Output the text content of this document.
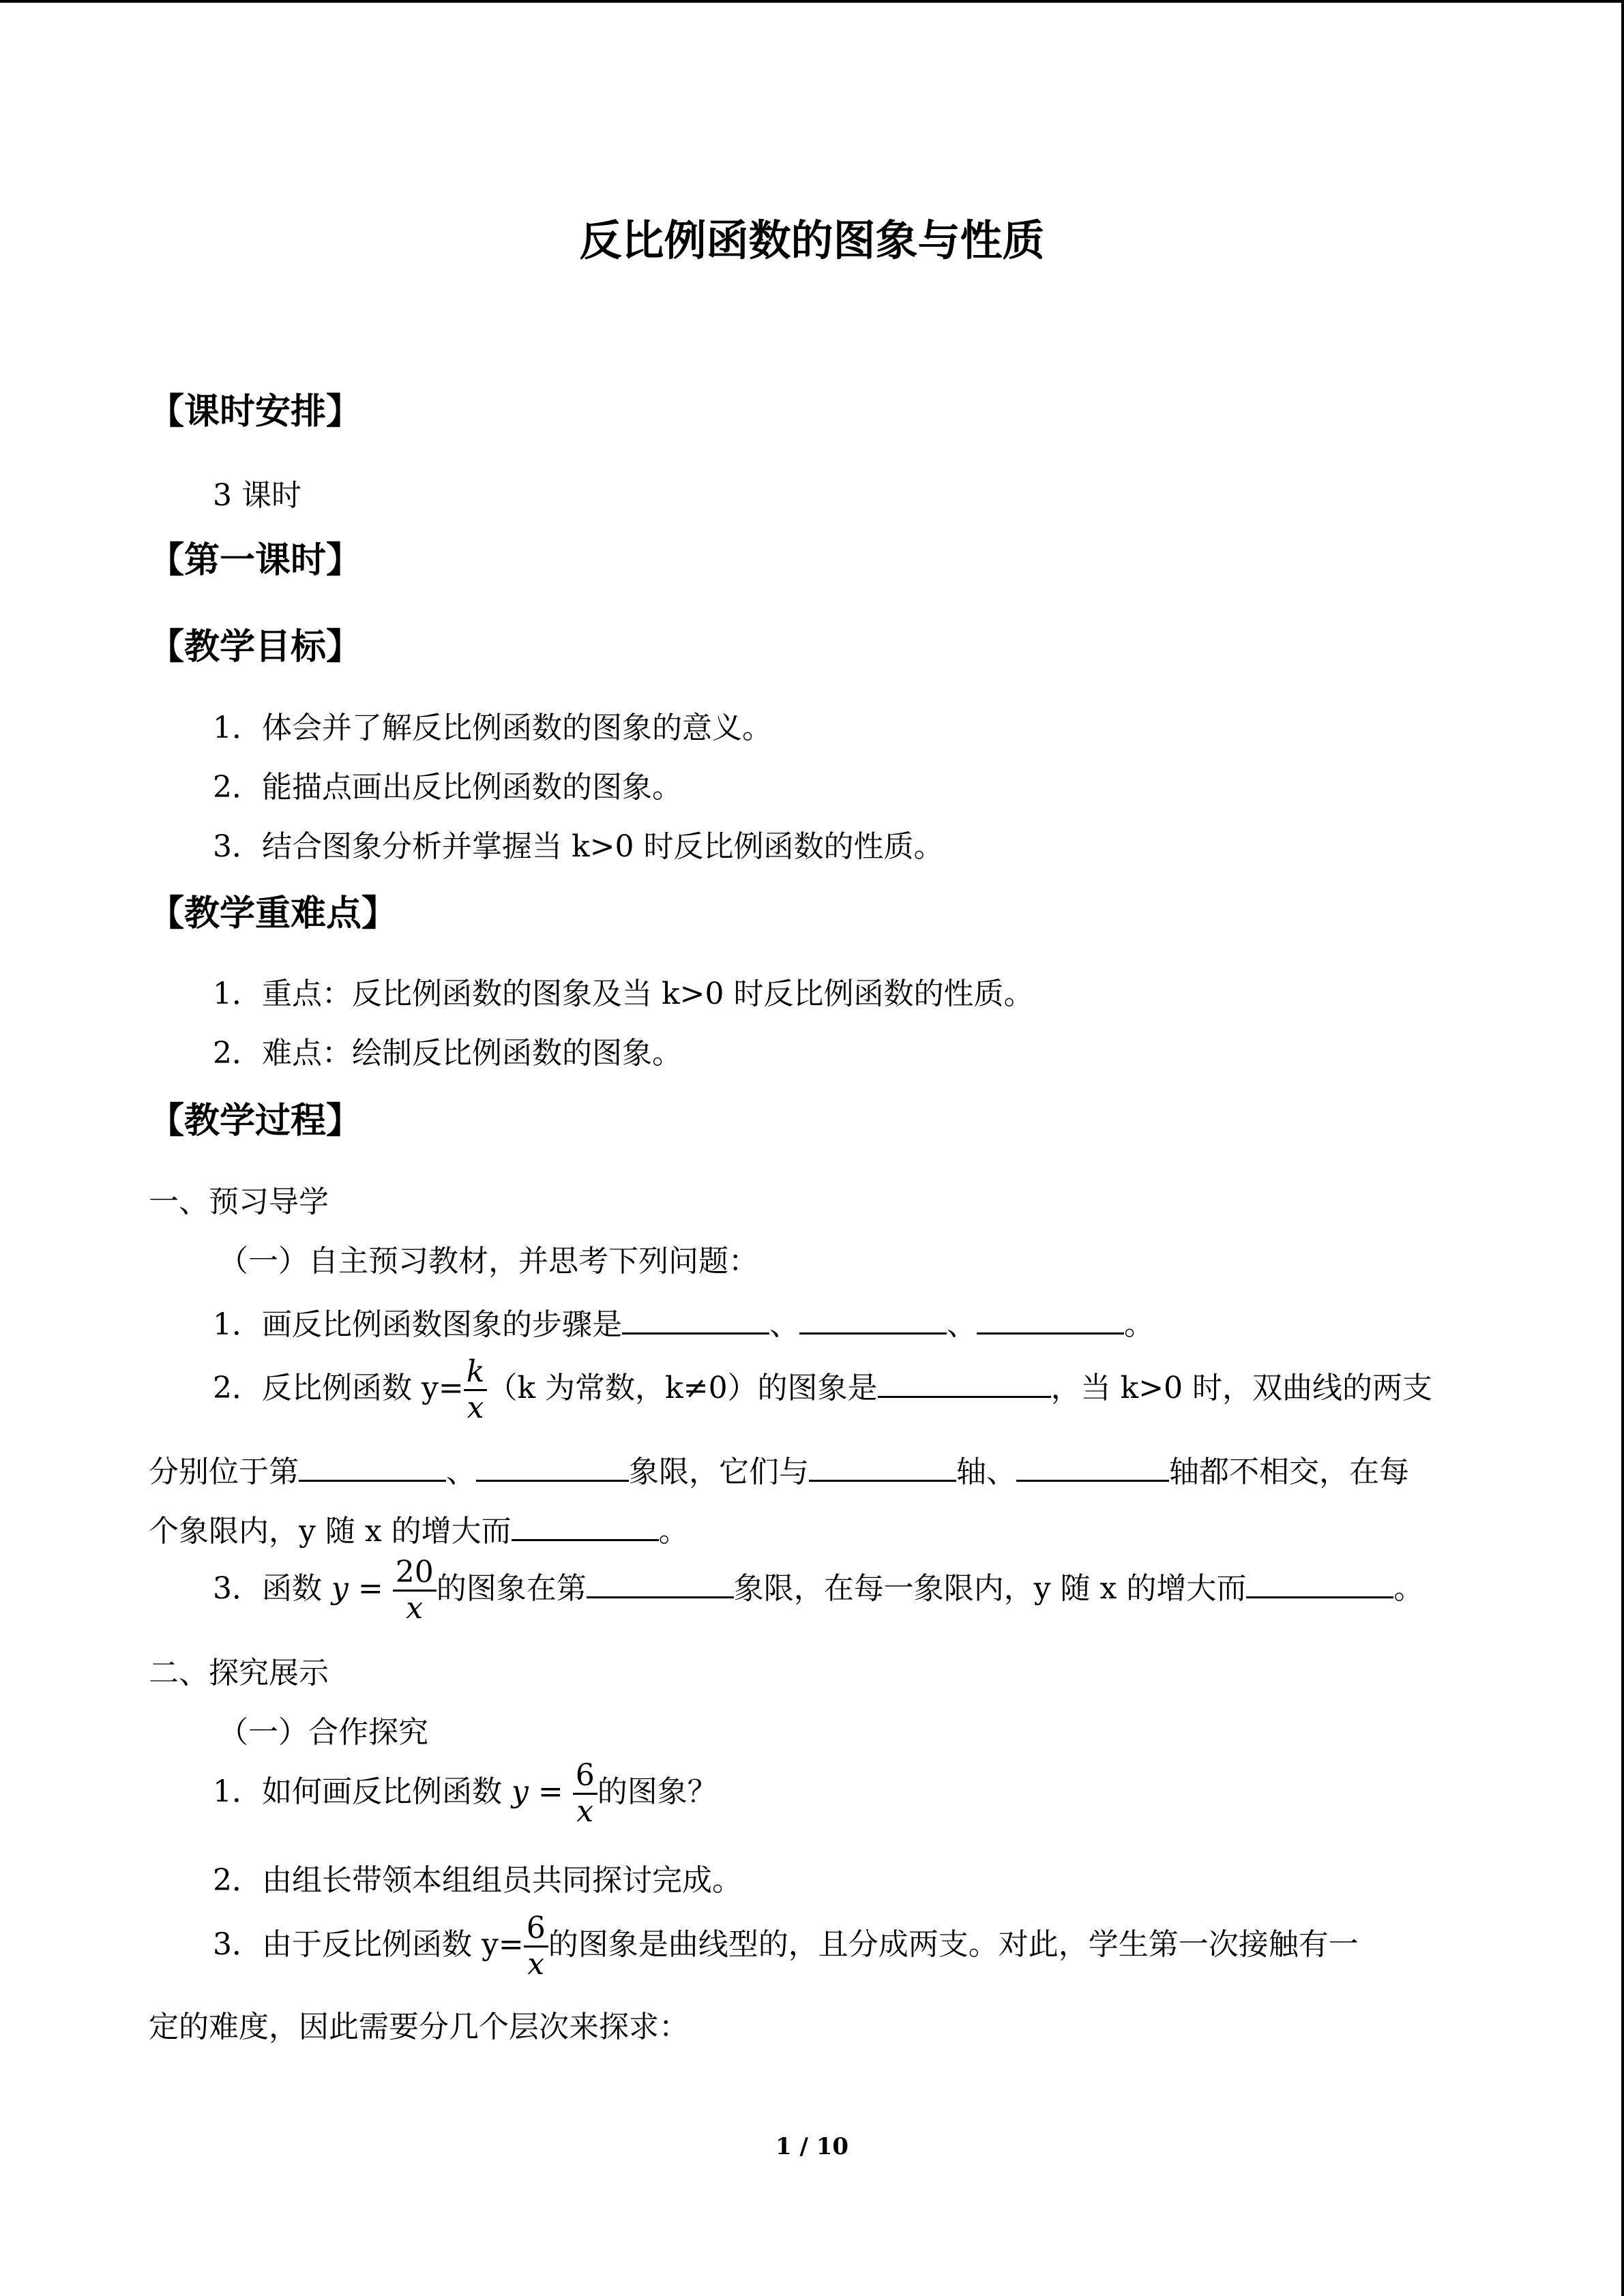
反比例函数的图象与性质
【课时安排】
3 课时
【第一课时】
【教学目标】
1．体会并了解反比例函数的图象的意义。
2．能描点画出反比例函数的图象。
3．结合图象分析并掌握当 k>0 时反比例函数的性质。
【教学重难点】
1．重点：反比例函数的图象及当 k>0 时反比例函数的性质。
2．难点：绘制反比例函数的图象。
【教学过程】
一、预习导学
（一）自主预习教材，并思考下列问题：
1．画反比例函数图象的步骤是	、	、	。
2．反比例函数 $y= \frac{k}{x} (k$ 为常数，k≠0）的图象是	，当 k>0 时，双曲线的两支
分别位于第	、	象限，它们与	轴、	轴都不相交，在每
个象限内，y 随 x 的增大而	。
3．函数 $y = \frac{20}{x}$ 的图象在第	象限，在每一象限内，y 随 x 的增大而	。
二、探究展示
（一）合作探究
1．如何画反比例函数 $y = \frac{6}{x}$ 的图象？
2．由组长带领本组组员共同探讨完成。
3．由于反比例函数 $y= \frac{6}{x}$ 的图象是曲线型的，且分成两支。对此，学生第一次接触有一
定的难度，因此需要分几个层次来探求：
1 / 10
